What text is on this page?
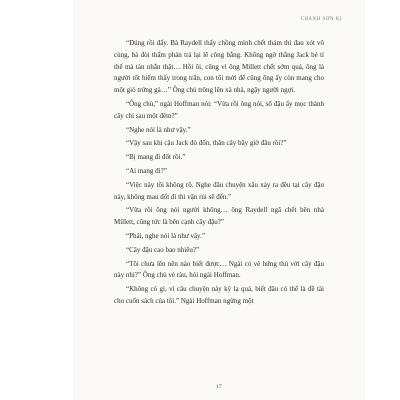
CHANH SƠN KỊ

“Đúng rồi đấy. Bà Raydell thấy chồng mình chết thảm thì đau xót vô cùng, bà đòi thẩm phán trả lại lẽ công bằng. Không ngờ thằng Jack bé tí thế mà tàn nhẫn thật… Hồi ôi, cũng vì ông Millett chết sớm quá, ông là người tốt hiếm thấy trong trấn, con tôi mới để cũng ông ấy còn mang cho một giỏ trứng gà…” Ông chủ trông lên xà nhà, ngậy người ngợi.

“Ông chủ,” ngài Hoffman nói: “Vừa rồi ông nói, số đậu ấy mọc thành cây chỉ sau một đêm?”

“Nghe nói là như vậy.”

“Vậy sau khi cậu Jack đò đốn, thân cây bây giờ đâu rồi?”

“Bị mang đi đốt rồi.”

“Ai mang đi?”

“Việc này tôi không rõ. Nghe đâu chuyện xấu xảy ra đều tại cây đậu này, không mau đốt đi thì vận rủi sẽ đến.”

“Vừa rồi ông nói người không… ông Raydell ngã chết bên nhà Millett, cũng tức là bên cạnh cây đậu?”

“Phải, nghe nói là như vậy.”

“Cây đậu cao bao nhiêu?”

“Tôi chưa lên nên nào biết được… Ngài có vẻ hứng thú với cây đậu này nhỉ?” Ông chủ vẻ ràu, hỏi ngài Hoffman.

“Không có gì, vì câu chuyện này kỳ lạ quá, biết đâu có thể là đề tài cho cuốn sách của tôi.” Ngài Hoffman ngừng một

17
